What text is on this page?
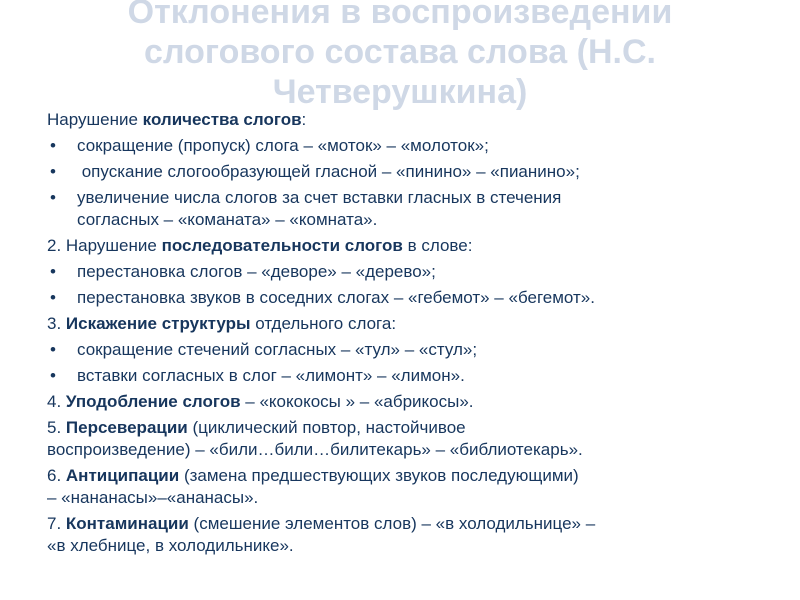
Отклонения в воспроизведении слогового состава слова (Н.С. Четверушкина)
Нарушение количества слогов:
• сокращение (пропуск) слога – «моток» – «молоток»;
• опускание слогообразующей гласной – «пинино» – «пианино»;
• увеличение числа слогов за счет вставки гласных в стечения
согласных – «команата» – «комната».
2. Нарушение последовательности слогов в слове:
• перестановка слогов – «деворе» – «дерево»;
• перестановка звуков в соседних слогах – «гебемот» – «бегемот».
3. Искажение структуры отдельного слога:
• сокращение стечений согласных – «тул» – «стул»;
• вставки согласных в слог – «лимонт» – «лимон».
4. Уподобление слогов – «кококосы » – «абрикосы».
5. Персеверации (циклический повтор, настойчивое
воспроизведение) – «били…били…билитекарь» – «библиотекарь».
6. Антиципации (замена предшествующих звуков последующими)
– «нананасы»–«ананасы».
7. Контаминации (смешение элементов слов) – «в холодильнице» –
«в хлебнице, в холодильнике».
